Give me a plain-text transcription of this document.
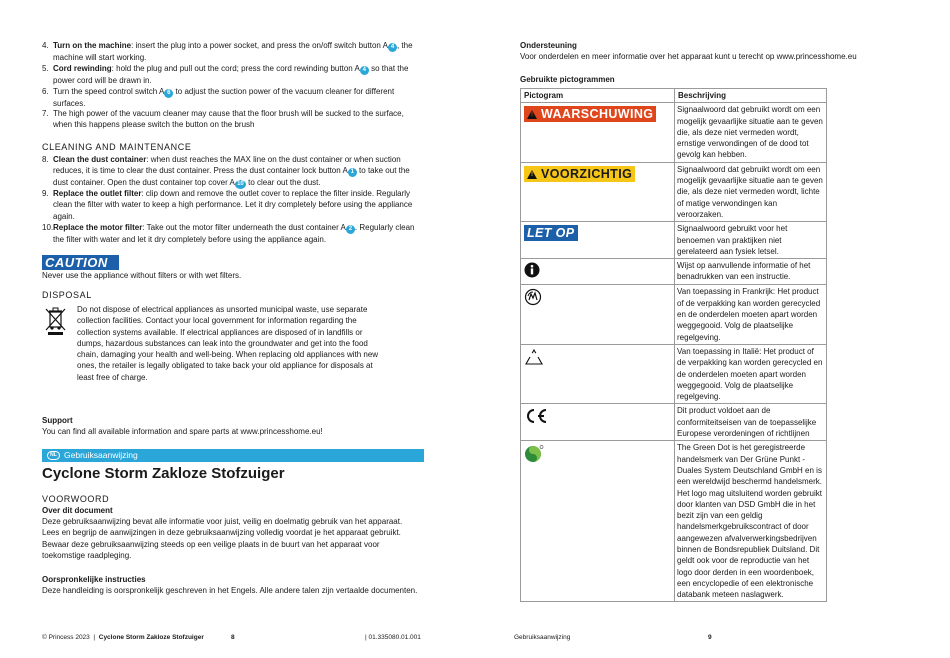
4. Turn on the machine: insert the plug into a power socket, and press the on/off switch button A 4 , the machine will start working.
5. Cord rewinding: hold the plug and pull out the cord; press the cord rewinding button A 4 so that the power cord will be drawn in.
6. Turn the speed control switch A 6 to adjust the suction power of the vacuum cleaner for different surfaces.
7. The high power of the vacuum cleaner may cause that the floor brush will be sucked to the surface, when this happens please switch the button on the brush
CLEANING AND MAINTENANCE
8. Clean the dust container: when dust reaches the MAX line on the dust container or when suction reduces, it is time to clear the dust container. Press the dust container lock button A 1 to take out the dust container. Open the dust container top cover A 10 to clear out the dust.
9. Replace the outlet filter: clip down and remove the outlet cover to replace the filter inside. Regularly clean the filter with water to keep a high performance. Let it dry completely before using the appliance again.
10. Replace the motor filter: Take out the motor filter underneath the dust container A 2 . Regularly clean the filter with water and let it dry completely before using the appliance again.
CAUTION
Never use the appliance without filters or with wet filters.
DISPOSAL
Do not dispose of electrical appliances as unsorted municipal waste, use separate collection facilities. Contact your local government for information regarding the collection systems available. If electrical appliances are disposed of in landfills or dumps, hazardous substances can leak into the groundwater and get into the food chain, damaging your health and well-being. When replacing old appliances with new ones, the retailer is legally obligated to take back your old appliance for disposals at least free of charge.
Support
You can find all available information and spare parts at www.princesshome.eu!
NL Gebruiksaanwijzing
Cyclone Storm Zakloze Stofzuiger
VOORWOORD
Over dit document
Deze gebruiksaanwijzing bevat alle informatie voor juist, veilig en doelmatig gebruik van het apparaat.
Lees en begrijp de aanwijzingen in deze gebruiksaanwijzing volledig voordat je het apparaat gebruikt.
Bewaar deze gebruiksaanwijzing steeds op een veilige plaats in de buurt van het apparaat voor toekomstige raadpleging.
Oorspronkelijke instructies
Deze handleiding is oorspronkelijk geschreven in het Engels. Alle andere talen zijn vertaalde documenten.
© Princess 2023 | Cyclone Storm Zakloze Stofzuiger	8	| 01.335080.01.001
Ondersteuning
Voor onderdelen en meer informatie over het apparaat kunt u terecht op www.princesshome.eu
Gebruikte pictogrammen
Pictogram	Beschrijving

! WAARSCHUWING	Signaalwoord dat gebruikt wordt om een mogelijk gevaarlijke situatie aan te geven die, als deze niet vermeden wordt, ernstige verwondingen of de dood tot gevolg kan hebben.

! VOORZICHTIG	Signaalwoord dat gebruikt wordt om een mogelijk gevaarlijke situatie aan te geven die, als deze niet vermeden wordt, lichte of matige verwondingen kan veroorzaken.
LET OP	Signaalwoord gebruikt voor het benoemen van praktijken niet gerelateerd aan fysiek letsel.
	Wijst op aanvullende informatie of het benadrukken van een instructie.
	Van toepassing in Frankrijk: Het product of de verpakking kan worden gerecycled en de onderdelen moeten apart worden weggegooid. Volg de plaatselijke regelgeving.
	Van toepassing in Italië: Het product of de verpakking kan worden gerecycled en de onderdelen moeten apart worden weggegooid. Volg de plaatselijke regelgeving.
	Dit product voldoet aan de conformiteitseisen van de toepasselijke Europese verordeningen of richtlijnen
	The Green Dot is het geregistreerde handelsmerk van Der Grüne Punkt - Duales System Deutschland GmbH en is een wereldwijd beschermd handelsmerk. Het logo mag uitsluitend worden gebruikt door klanten van DSD GmbH die in het bezit zijn van een geldig handelsmerkgebruikscontract of door aangewezen afvalverwerkingsbedrijven binnen de Bondsrepubliek Duitsland. Dit geldt ook voor de reproductie van het logo door derden in een woordenboek, een encyclopedie of een elektronische databank meteen naslagwerk.
Gebruiksaanwijzing	9
